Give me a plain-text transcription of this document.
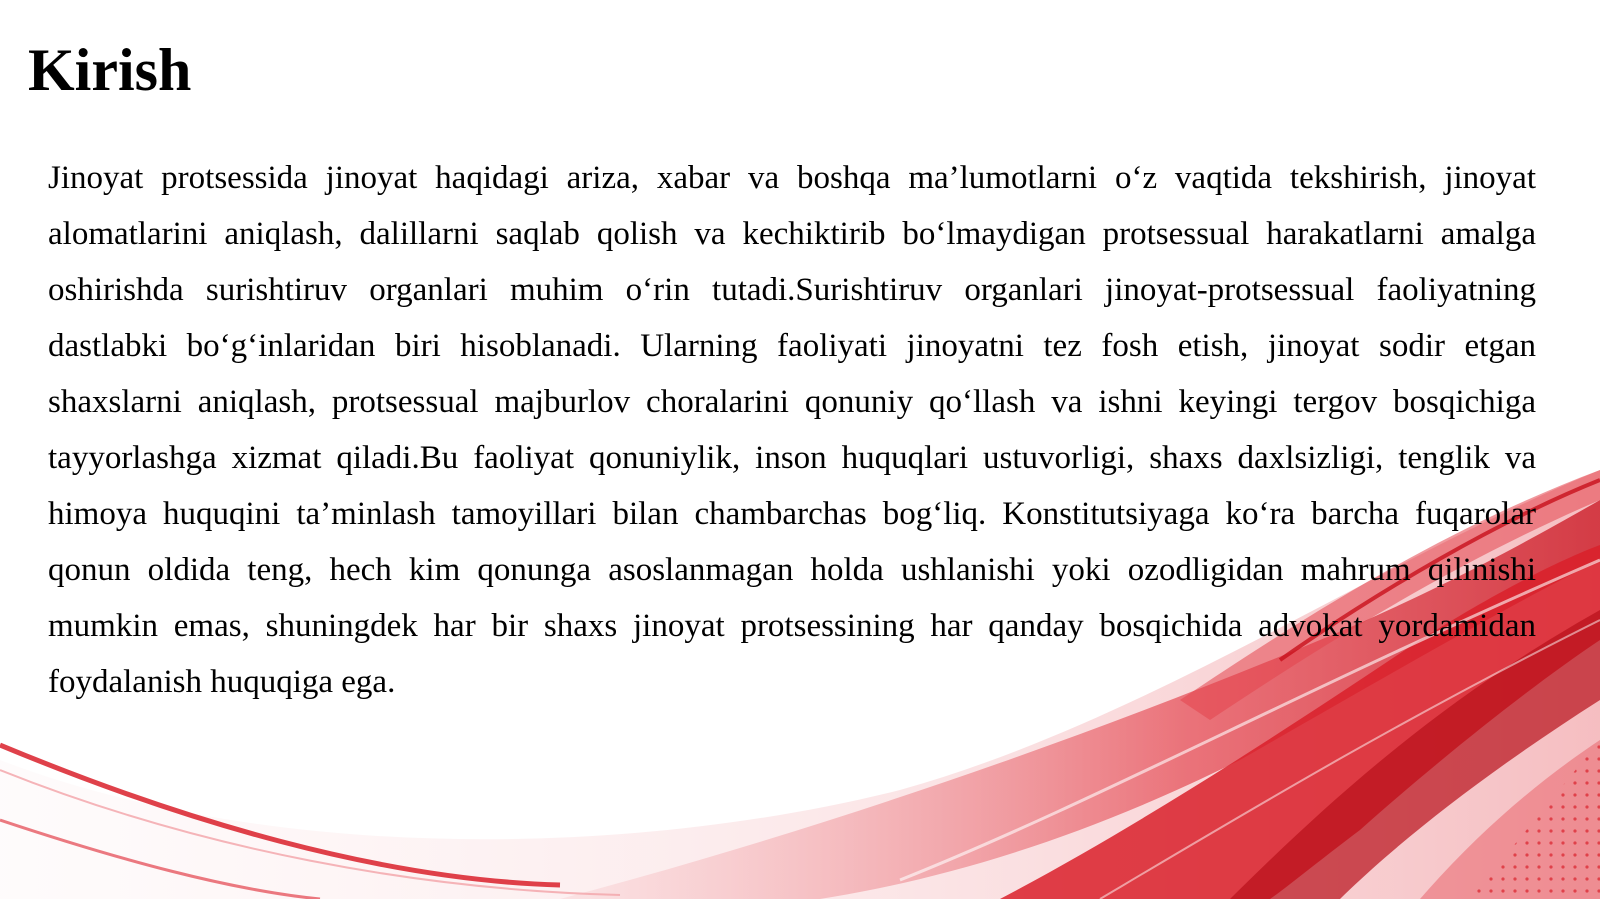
Kirish

Jinoyat protsessida jinoyat haqidagi ariza, xabar va boshqa ma’lumotlarni o‘z vaqtida tekshirish, jinoyat alomatlarini aniqlash, dalillarni saqlab qolish va kechiktirib bo‘lmaydigan protsessual harakatlarni amalga oshirishda surishtiruv organlari muhim o‘rin tutadi.Surishtiruv organlari jinoyat-protsessual faoliyatning dastlabki bo‘g‘inlaridan biri hisoblanadi. Ularning faoliyati jinoyatni tez fosh etish, jinoyat sodir etgan shaxslarni aniqlash, protsessual majburlov choralarini qonuniy qo‘llash va ishni keyingi tergov bosqichiga tayyorlashga xizmat qiladi.Bu faoliyat qonuniylik, inson huquqlari ustuvorligi, shaxs daxlsizligi, tenglik va himoya huquqini ta’minlash tamoyillari bilan chambarchas bog‘liq. Konstitutsiyaga ko‘ra barcha fuqarolar qonun oldida teng, hech kim qonunga asoslanmagan holda ushlanishi yoki ozodligidan mahrum qilinishi mumkin emas, shuningdek har bir shaxs jinoyat protsessining har qanday bosqichida advokat yordamidan foydalanish huquqiga ega.
